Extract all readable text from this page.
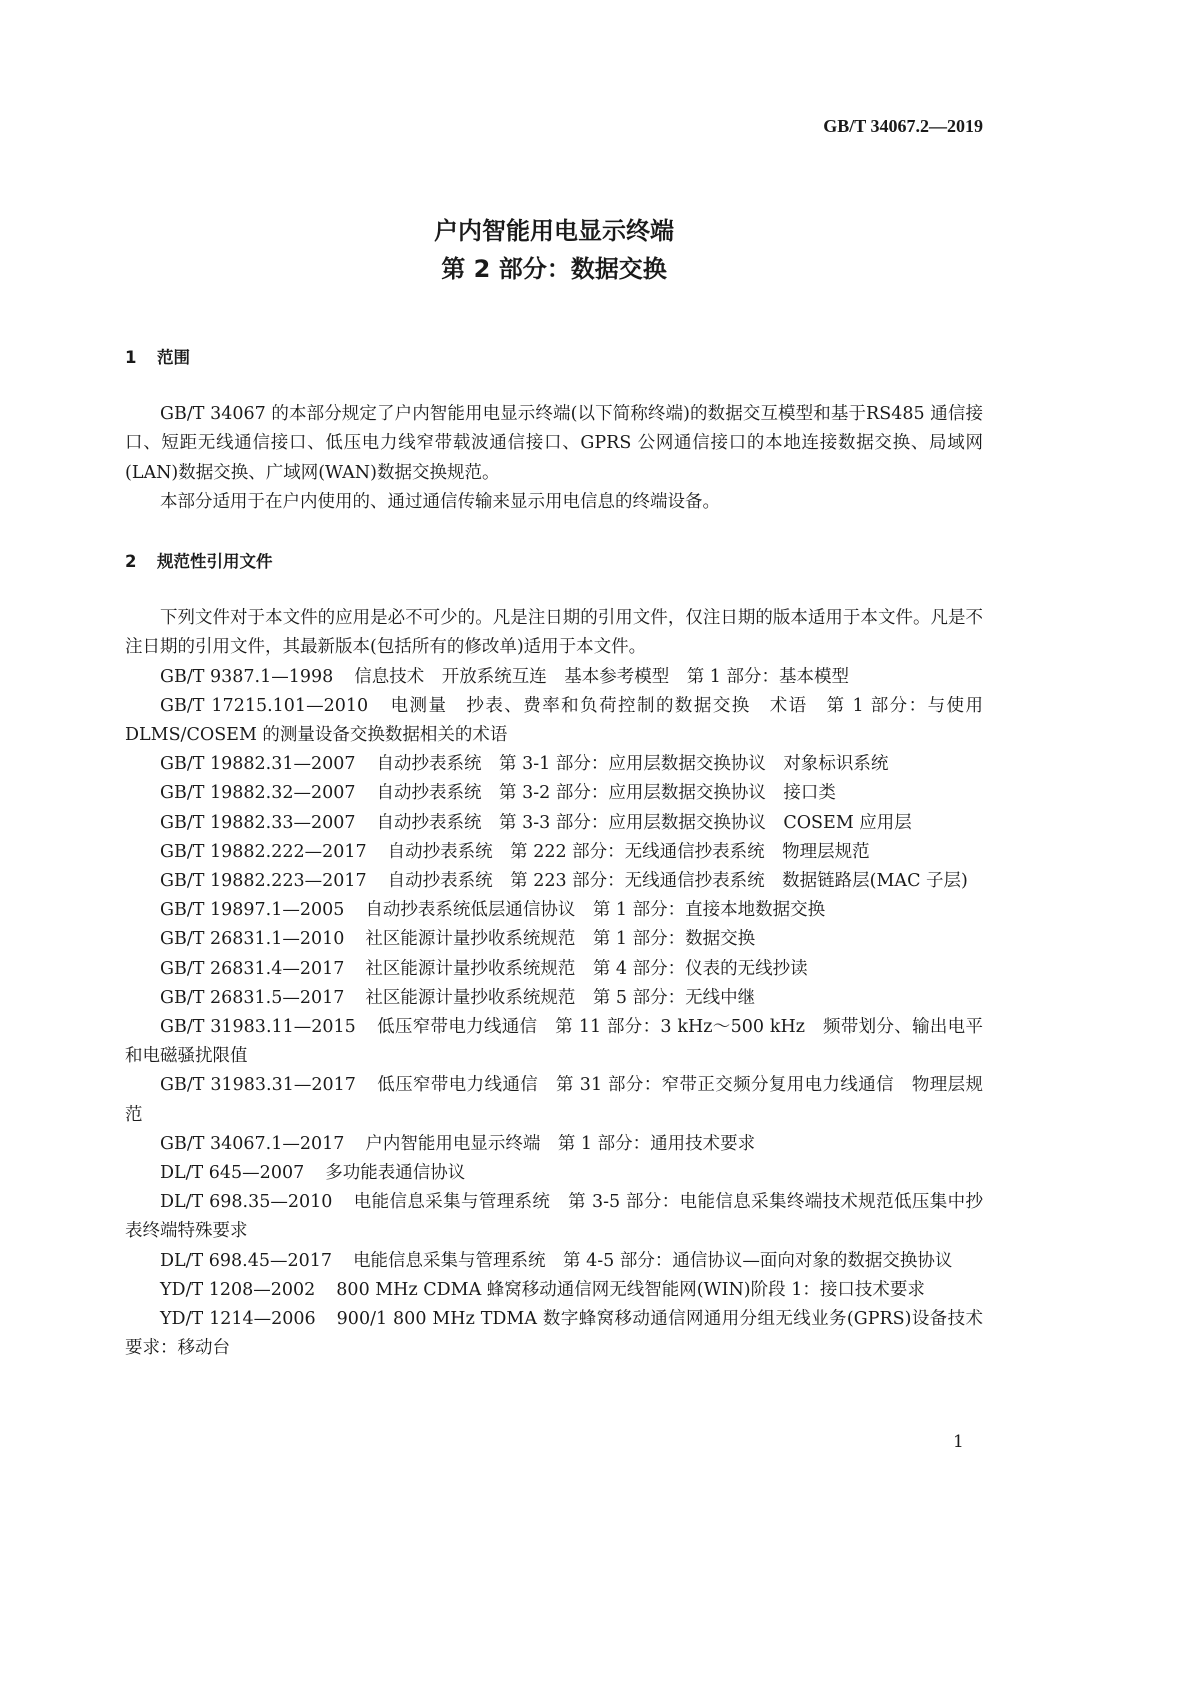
GB/T 34067.2—2019
户内智能用电显示终端
第 2 部分：数据交换
1 范围

GB/T 34067 的本部分规定了户内智能用电显示终端(以下简称终端)的数据交互模型和基于RS485 通信接口、短距无线通信接口、低压电力线窄带载波通信接口、GPRS 公网通信接口的本地连接数据交换、局域网(LAN)数据交换、广域网(WAN)数据交换规范。

本部分适用于在户内使用的、通过通信传输来显示用电信息的终端设备。

2 规范性引用文件

下列文件对于本文件的应用是必不可少的。凡是注日期的引用文件，仅注日期的版本适用于本文件。凡是不注日期的引用文件，其最新版本(包括所有的修改单)适用于本文件。

GB/T 9387.1—1998 信息技术　开放系统互连　基本参考模型　第 1 部分：基本模型

GB/T 17215.101—2010 电测量　抄表、费率和负荷控制的数据交换　术语　第 1 部分：与使用DLMS/COSEM 的测量设备交换数据相关的术语

GB/T 19882.31—2007 自动抄表系统　第 3-1 部分：应用层数据交换协议　对象标识系统

GB/T 19882.32—2007 自动抄表系统　第 3-2 部分：应用层数据交换协议　接口类

GB/T 19882.33—2007 自动抄表系统　第 3-3 部分：应用层数据交换协议　COSEM 应用层

GB/T 19882.222—2017 自动抄表系统　第 222 部分：无线通信抄表系统　物理层规范

GB/T 19882.223—2017 自动抄表系统　第 223 部分：无线通信抄表系统　数据链路层(MAC 子层)

GB/T 19897.1—2005 自动抄表系统低层通信协议　第 1 部分：直接本地数据交换

GB/T 26831.1—2010 社区能源计量抄收系统规范　第 1 部分：数据交换

GB/T 26831.4—2017 社区能源计量抄收系统规范　第 4 部分：仪表的无线抄读

GB/T 26831.5—2017 社区能源计量抄收系统规范　第 5 部分：无线中继

GB/T 31983.11—2015 低压窄带电力线通信　第 11 部分：3 kHz～500 kHz　频带划分、输出电平和电磁骚扰限值

GB/T 31983.31—2017 低压窄带电力线通信　第 31 部分：窄带正交频分复用电力线通信　物理层规范

GB/T 34067.1—2017 户内智能用电显示终端　第 1 部分：通用技术要求

DL/T 645—2007 多功能表通信协议

DL/T 698.35—2010 电能信息采集与管理系统　第 3-5 部分：电能信息采集终端技术规范低压集中抄表终端特殊要求

DL/T 698.45—2017 电能信息采集与管理系统　第 4-5 部分：通信协议—面向对象的数据交换协议

YD/T 1208—2002 800 MHz CDMA 蜂窝移动通信网无线智能网(WIN)阶段 1：接口技术要求

YD/T 1214—2006 900/1 800 MHz TDMA 数字蜂窝移动通信网通用分组无线业务(GPRS)设备技术要求：移动台

1
